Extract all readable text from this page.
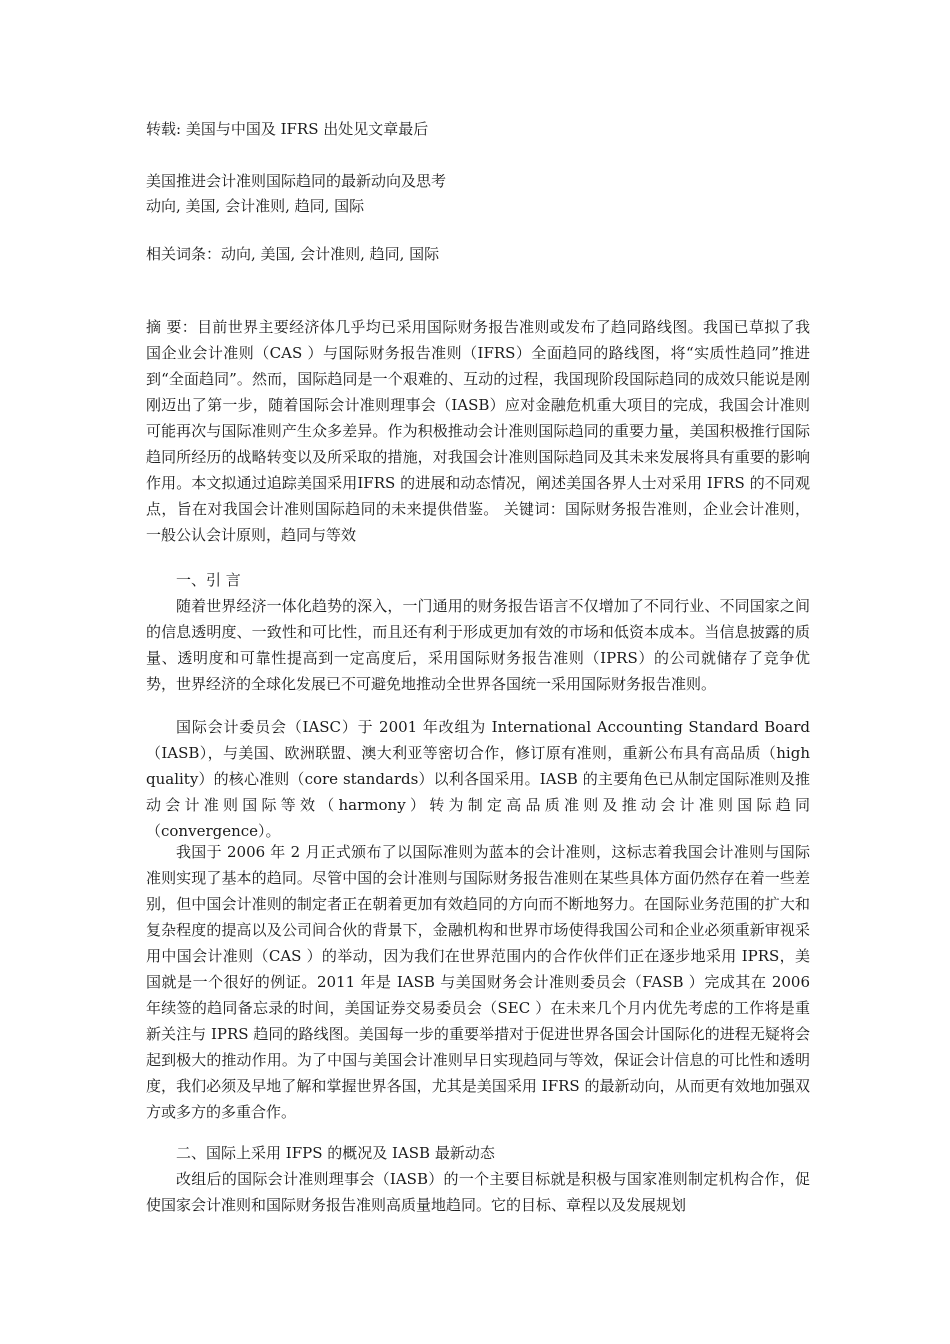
转载: 美国与中国及 IFRS 出处见文章最后
美国推进会计准则国际趋同的最新动向及思考
动向, 美国, 会计准则, 趋同, 国际
相关词条：动向, 美国, 会计准则, 趋同, 国际
摘 要：目前世界主要经济体几乎均已采用国际财务报告准则或发布了趋同路线图。我国已草拟了我国企业会计准则（CAS ）与国际财务报告准则（IFRS）全面趋同的路线图，将“实质性趋同”推进到“全面趋同”。然而，国际趋同是一个艰难的、互动的过程，我国现阶段国际趋同的成效只能说是刚刚迈出了第一步，随着国际会计准则理事会（IASB）应对金融危机重大项目的完成，我国会计准则可能再次与国际准则产生众多差异。作为积极推动会计准则国际趋同的重要力量，美国积极推行国际趋同所经历的战略转变以及所采取的措施，对我国会计准则国际趋同及其未来发展将具有重要的影响作用。本文拟通过追踪美国采用IFRS 的进展和动态情况，阐述美国各界人士对采用 IFRS 的不同观点，旨在对我国会计准则国际趋同的未来提供借鉴。 关键词：国际财务报告准则，企业会计准则，一般公认会计原则，趋同与等效
一、引 言
随着世界经济一体化趋势的深入，一门通用的财务报告语言不仅增加了不同行业、不同国家之间的信息透明度、一致性和可比性，而且还有利于形成更加有效的市场和低资本成本。当信息披露的质量、透明度和可靠性提高到一定高度后，采用国际财务报告准则（IPRS）的公司就储存了竞争优势，世界经济的全球化发展已不可避免地推动全世界各国统一采用国际财务报告准则。
国际会计委员会（IASC）于 2001 年改组为 International Accounting Standard Board（IASB），与美国、欧洲联盟、澳大利亚等密切合作，修订原有准则，重新公布具有高品质（high quality）的核心准则（core standards）以利各国采用。IASB 的主要角色已从制定国际准则及推动会计准则国际等效（harmony）转为制定高品质准则及推动会计准则国际趋同（convergence）。
我国于 2006 年 2 月正式颁布了以国际准则为蓝本的会计准则，这标志着我国会计准则与国际准则实现了基本的趋同。尽管中国的会计准则与国际财务报告准则在某些具体方面仍然存在着一些差别，但中国会计准则的制定者正在朝着更加有效趋同的方向而不断地努力。在国际业务范围的扩大和复杂程度的提高以及公司间合伙的背景下，金融机构和世界市场使得我国公司和企业必须重新审视采用中国会计准则（CAS ）的举动，因为我们在世界范围内的合作伙伴们正在逐步地采用 IPRS，美国就是一个很好的例证。2011 年是 IASB 与美国财务会计准则委员会（FASB ）完成其在 2006 年续签的趋同备忘录的时间，美国证券交易委员会（SEC ）在未来几个月内优先考虑的工作将是重新关注与 IPRS 趋同的路线图。美国每一步的重要举措对于促进世界各国会计国际化的进程无疑将会起到极大的推动作用。为了中国与美国会计准则早日实现趋同与等效，保证会计信息的可比性和透明度，我们必须及早地了解和掌握世界各国，尤其是美国采用 IFRS 的最新动向，从而更有效地加强双方或多方的多重合作。
二、国际上采用 IFPS 的概况及 IASB 最新动态
改组后的国际会计准则理事会（IASB）的一个主要目标就是积极与国家准则制定机构合作，促使国家会计准则和国际财务报告准则高质量地趋同。它的目标、章程以及发展规划
